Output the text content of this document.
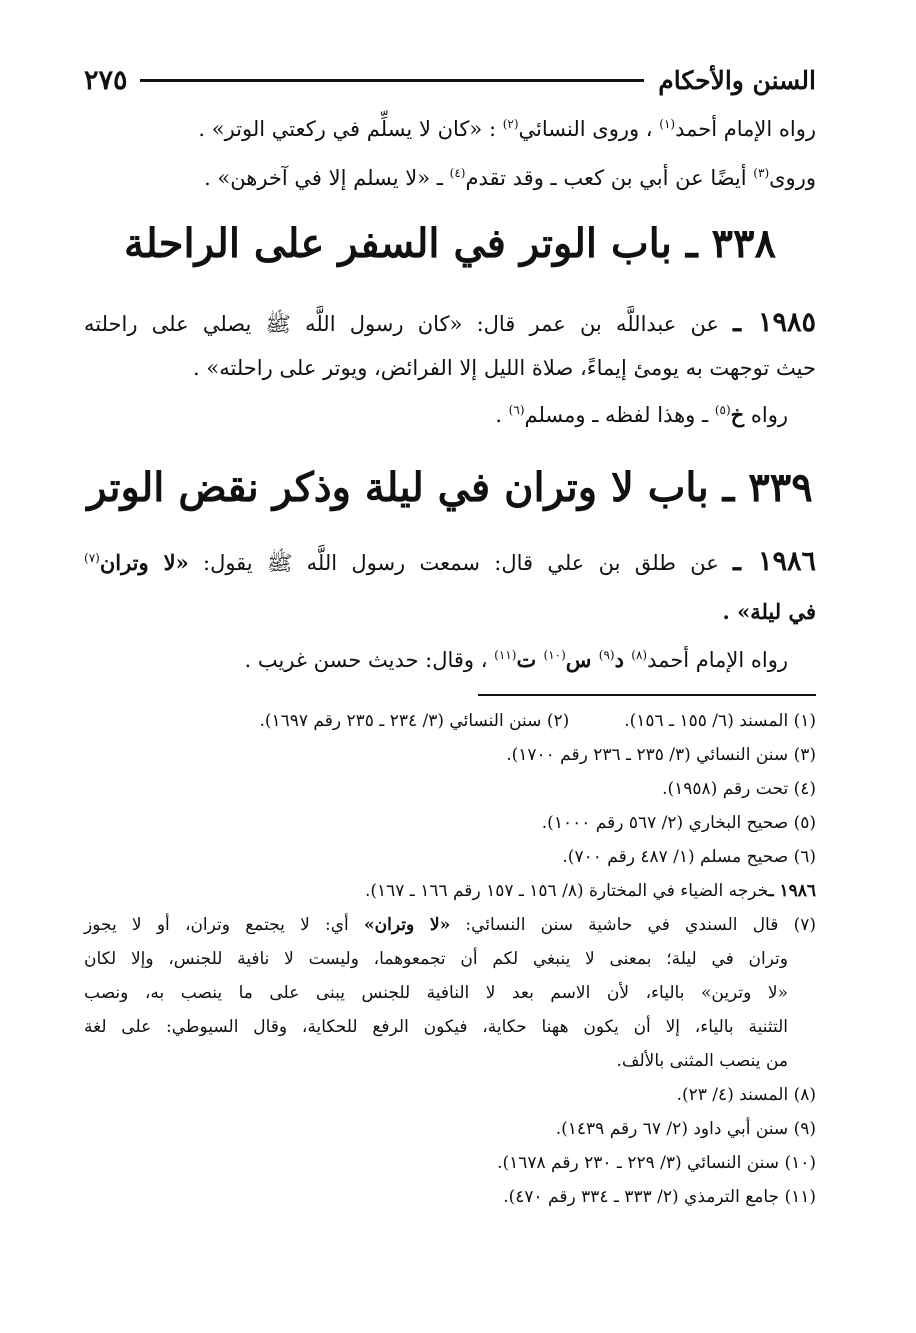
السنن والأحكام
٢٧٥
رواه الإمام أحمد$^{(١)}$ ، وروى النسائي$^{(٢)}$ : «كان لا يسلِّم في ركعتي الوتر» .
وروى$^{(٣)}$ أيضًا عن أبي بن كعب ـ وقد تقدم$^{(٤)}$ ـ «لا يسلم إلا في آخرهن» .
٣٣٨ ـ باب الوتر في السفر على الراحلة
١٩٨٥ ـ عن عبداللَّه بن عمر قال: «كان رسول اللَّه ﷺ يصلي على راحلته
حيث توجهت به يومئ إيماءً، صلاة الليل إلا الفرائض، ويوتر على راحلته» .
رواه خ$^{(٥)}$ ـ وهذا لفظه ـ ومسلم$^{(٦)}$ .
٣٣٩ ـ باب لا وتران في ليلة وذكر نقض الوتر
١٩٨٦ ـ عن طلق بن علي قال: سمعت رسول اللَّه ﷺ يقول: «لا وتران$^{(٧)}$
في ليلة» .
رواه الإمام أحمد$^{(٨)}$ د$^{(٩)}$ س$^{(١٠)}$ ت$^{(١١)}$ ، وقال: حديث حسن غريب .
(١) المسند (٦/ ١٥٥ ـ ١٥٦).(٢) سنن النسائي (٣/ ٢٣٤ ـ ٢٣٥ رقم ١٦٩٧).
(٣) سنن النسائي (٣/ ٢٣٥ ـ ٢٣٦ رقم ١٧٠٠).
(٤) تحت رقم (١٩٥٨).
(٥) صحيح البخاري (٢/ ٥٦٧ رقم ١٠٠٠).
(٦) صحيح مسلم (١/ ٤٨٧ رقم ٧٠٠).
١٩٨٦ ـخرجه الضياء في المختارة (٨/ ١٥٦ ـ ١٥٧ رقم ١٦٦ ـ ١٦٧).
(٧) قال السندي في حاشية سنن النسائي: «لا وتران» أي: لا يجتمع وتران، أو لا يجوز
وتران في ليلة؛ بمعنى لا ينبغي لكم أن تجمعوهما، وليست لا نافية للجنس، وإلا لكان
«لا وترين» بالياء، لأن الاسم بعد لا النافية للجنس يبنى على ما ينصب به، ونصب
التثنية بالياء، إلا أن يكون ههنا حكاية، فيكون الرفع للحكاية، وقال السيوطي: على لغة
من ينصب المثنى بالألف.
(٨) المسند (٤/ ٢٣).
(٩) سنن أبي داود (٢/ ٦٧ رقم ١٤٣٩).
(١٠) سنن النسائي (٣/ ٢٢٩ ـ ٢٣٠ رقم ١٦٧٨).
(١١) جامع الترمذي (٢/ ٣٣٣ ـ ٣٣٤ رقم ٤٧٠).
